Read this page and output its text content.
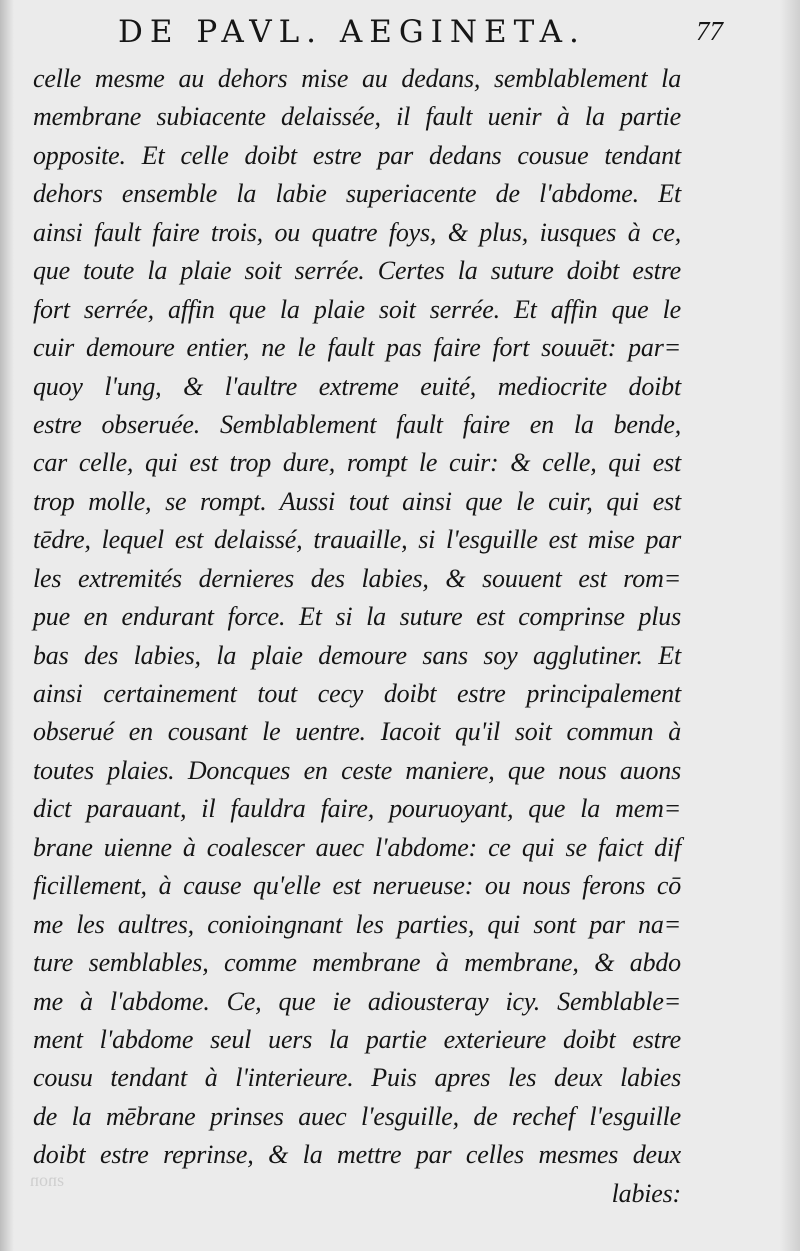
DE PAVL. AEGINETA.	77
celle mesme au dehors mise au dedans, semblablement la
membrane subiacente delaissée, il fault uenir à la partie
opposite. Et celle doibt estre par dedans cousue tendant
dehors ensemble la labie superiacente de l'abdome. Et
ainsi fault faire trois, ou quatre foys, & plus, iusques à ce,
que toute la plaie soit serrée. Certes la suture doibt estre
fort serrée, affin que la plaie soit serrée. Et affin que le
cuir demoure entier, ne le fault pas faire fort souuēt: par=
quoy l'ung, & l'aultre extreme euité, mediocrite doibt
estre obseruée. Semblablement fault faire en la bende,
car celle, qui est trop dure, rompt le cuir: & celle, qui est
trop molle, se rompt. Aussi tout ainsi que le cuir, qui est
tēdre, lequel est delaissé, trauaille, si l'esguille est mise par
les extremités dernieres des labies, & souuent est rom=
pue en endurant force. Et si la suture est comprinse plus
bas des labies, la plaie demoure sans soy agglutiner. Et
ainsi certainement tout cecy doibt estre principalement
obserué en cousant le uentre. Iacoit qu'il soit commun à
toutes plaies. Doncques en ceste maniere, que nous auons
dict parauant, il fauldra faire, pouruoyant, que la mem=
brane uienne à coalescer auec l'abdome: ce qui se faict dif
ficillement, à cause qu'elle est nerueuse: ou nous ferons cō
me les aultres, conioingnant les parties, qui sont par na=
ture semblables, comme membrane à membrane, & abdo
me à l'abdome. Ce, que ie adiousteray icy. Semblable=
ment l'abdome seul uers la partie exterieure doibt estre
cousu tendant à l'interieure. Puis apres les deux labies
de la mēbrane prinses auec l'esguille, de rechef l'esguille
doibt estre reprinse, & la mettre par celles mesmes deux
labies:
ƨnon
